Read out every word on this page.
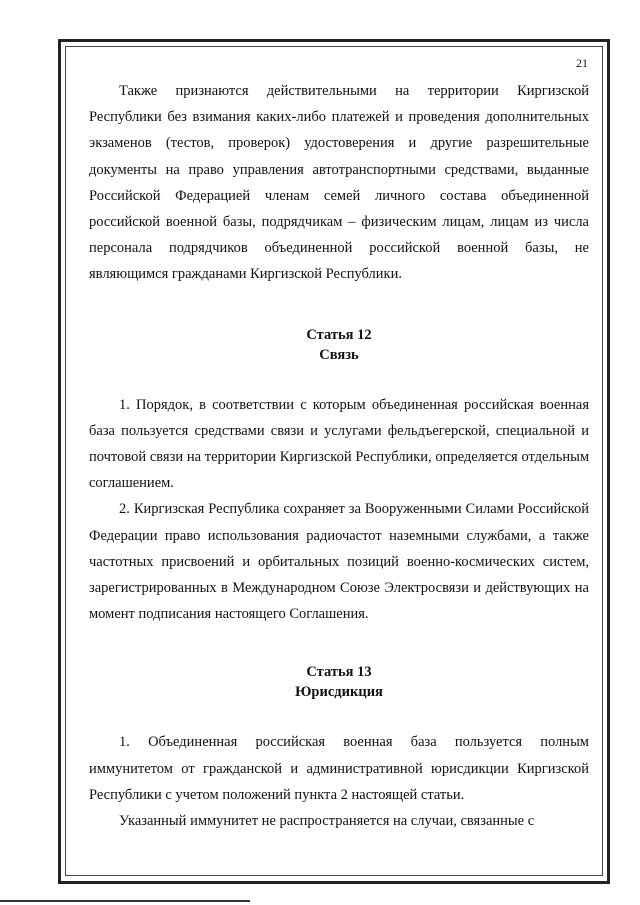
21

Также признаются действительными на территории Киргизской Республики без взимания каких-либо платежей и проведения дополнительных экзаменов (тестов, проверок) удостоверения и другие разрешительные документы на право управления автотранспортными средствами, выданные Российской Федерацией членам семей личного состава объединенной российской военной базы, подрядчикам – физическим лицам, лицам из числа персонала подрядчиков объединенной российской военной базы, не являющимся гражданами Киргизской Республики.

Статья 12
Связь

1. Порядок, в соответствии с которым объединенная российская военная база пользуется средствами связи и услугами фельдъегерской, специальной и почтовой связи на территории Киргизской Республики, определяется отдельным соглашением.

2. Киргизская Республика сохраняет за Вооруженными Силами Российской Федерации право использования радиочастот наземными службами, а также частотных присвоений и орбитальных позиций военно-космических систем, зарегистрированных в Международном Союзе Электросвязи и действующих на момент подписания настоящего Соглашения.

Статья 13
Юрисдикция

1. Объединенная российская военная база пользуется полным иммунитетом от гражданской и административной юрисдикции Киргизской Республики с учетом положений пункта 2 настоящей статьи.

Указанный иммунитет не распространяется на случаи, связанные с
